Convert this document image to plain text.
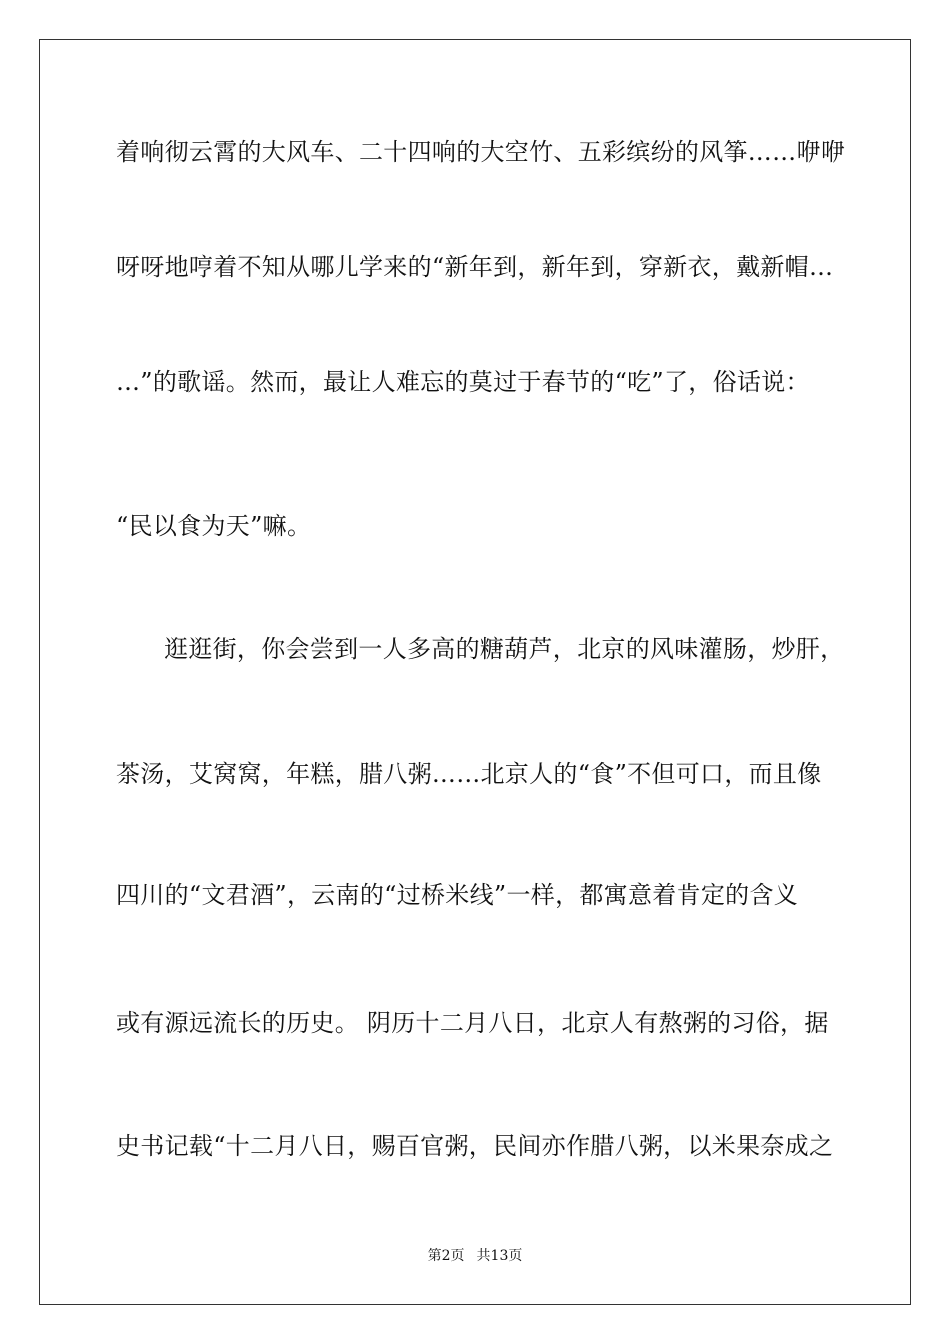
着响彻云霄的大风车、二十四响的大空竹、五彩缤纷的风筝……咿咿
呀呀地哼着不知从哪儿学来的“新年到，新年到，穿新衣，戴新帽…
…”的歌谣。然而，最让人难忘的莫过于春节的“吃”了，俗话说：
“民以食为天”嘛。
逛逛街，你会尝到一人多高的糖葫芦，北京的风味灌肠，炒肝，
茶汤，艾窝窝，年糕，腊八粥……北京人的“食”不但可口，而且像
四川的“文君酒”，云南的“过桥米线”一样，都寓意着肯定的含义
或有源远流长的历史。 阴历十二月八日，北京人有熬粥的习俗，据
史书记载“十二月八日，赐百官粥，民间亦作腊八粥，以米果奈成之
第2页 共13页
